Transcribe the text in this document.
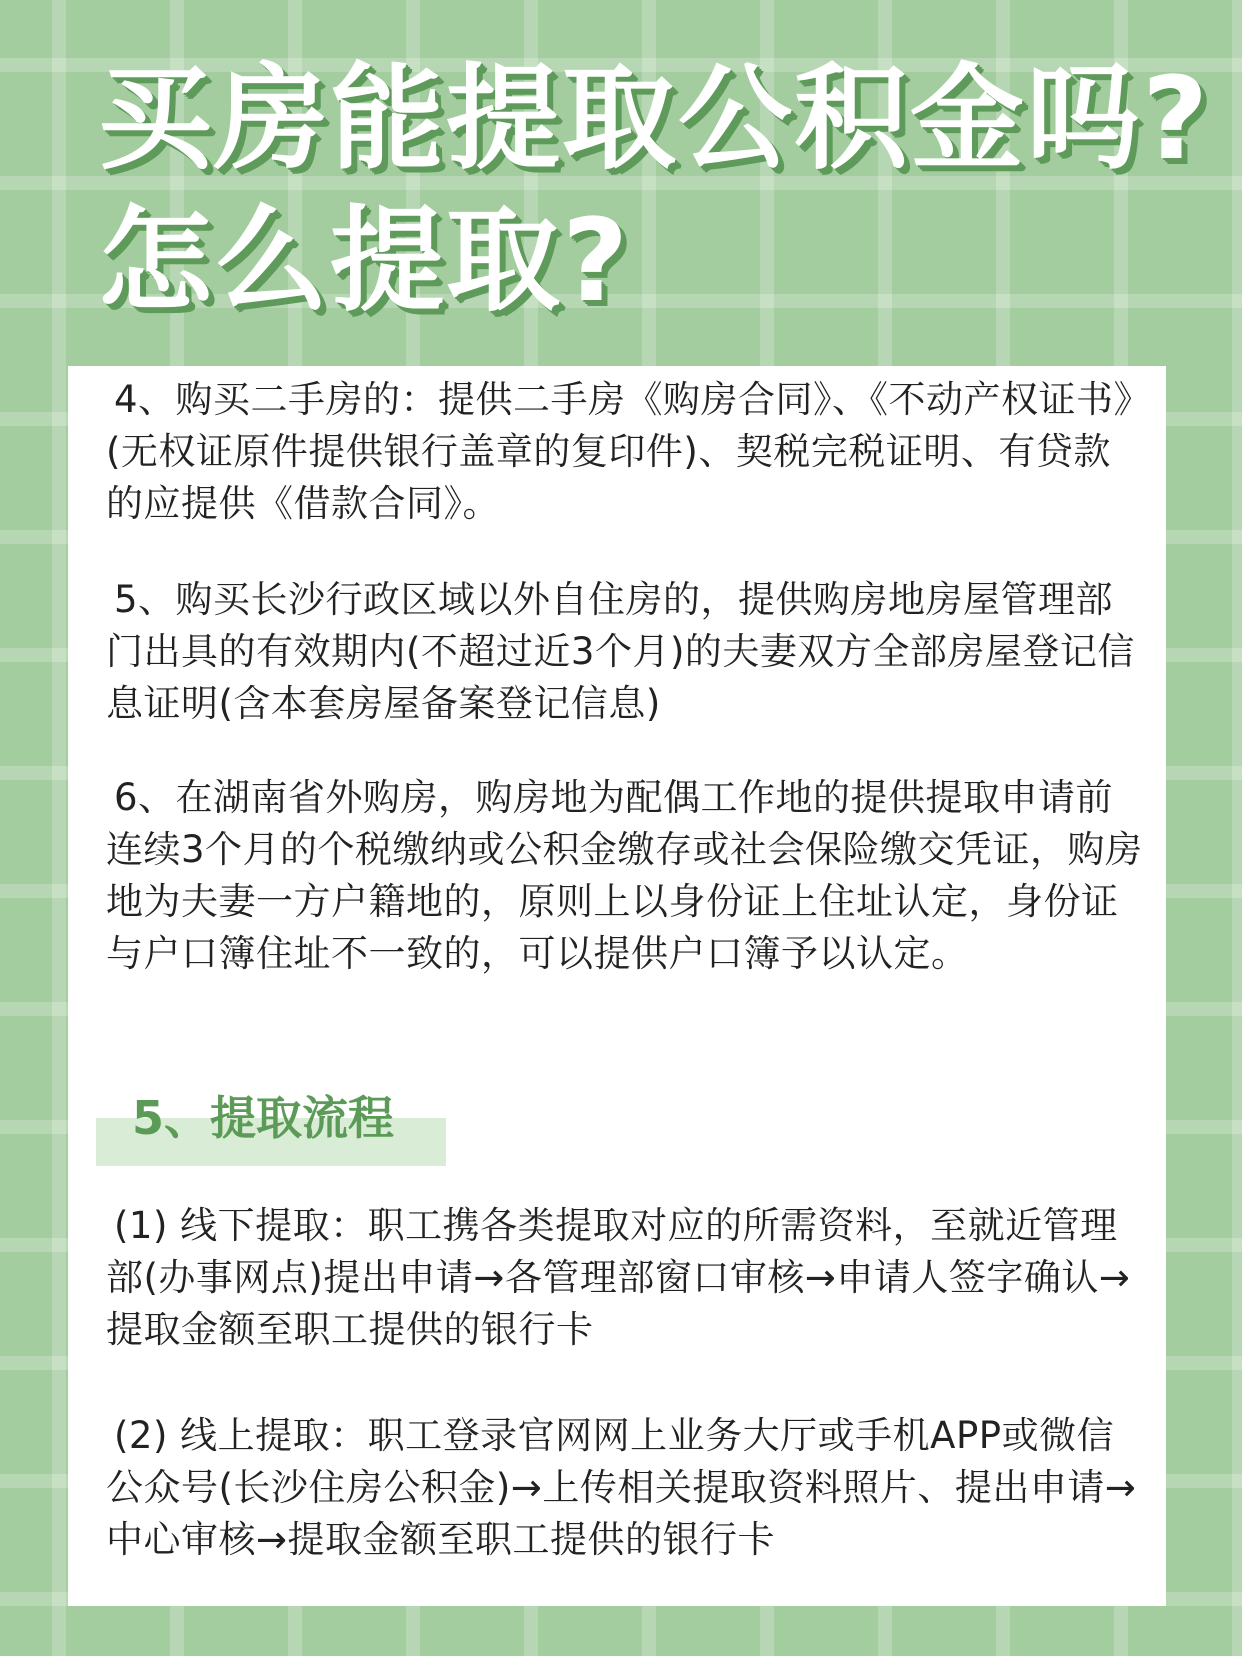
买房能提取公积金吗?
怎么提取?

4、购买二手房的：提供二手房《购房合同》、《不动产权证书》(无权证原件提供银行盖章的复印件)、契税完税证明、有贷款的应提供《借款合同》。

5、购买长沙行政区域以外自住房的，提供购房地房屋管理部门出具的有效期内(不超过近3个月)的夫妻双方全部房屋登记信息证明(含本套房屋备案登记信息)

6、在湖南省外购房，购房地为配偶工作地的提供提取申请前连续3个月的个税缴纳或公积金缴存或社会保险缴交凭证，购房地为夫妻一方户籍地的，原则上以身份证上住址认定，身份证与户口簿住址不一致的，可以提供户口簿予以认定。

5、提取流程

(1) 线下提取：职工携各类提取对应的所需资料，至就近管理部(办事网点)提出申请→各管理部窗口审核→申请人签字确认→提取金额至职工提供的银行卡

(2) 线上提取：职工登录官网网上业务大厅或手机APP或微信公众号(长沙住房公积金)→上传相关提取资料照片、提出申请→中心审核→提取金额至职工提供的银行卡
